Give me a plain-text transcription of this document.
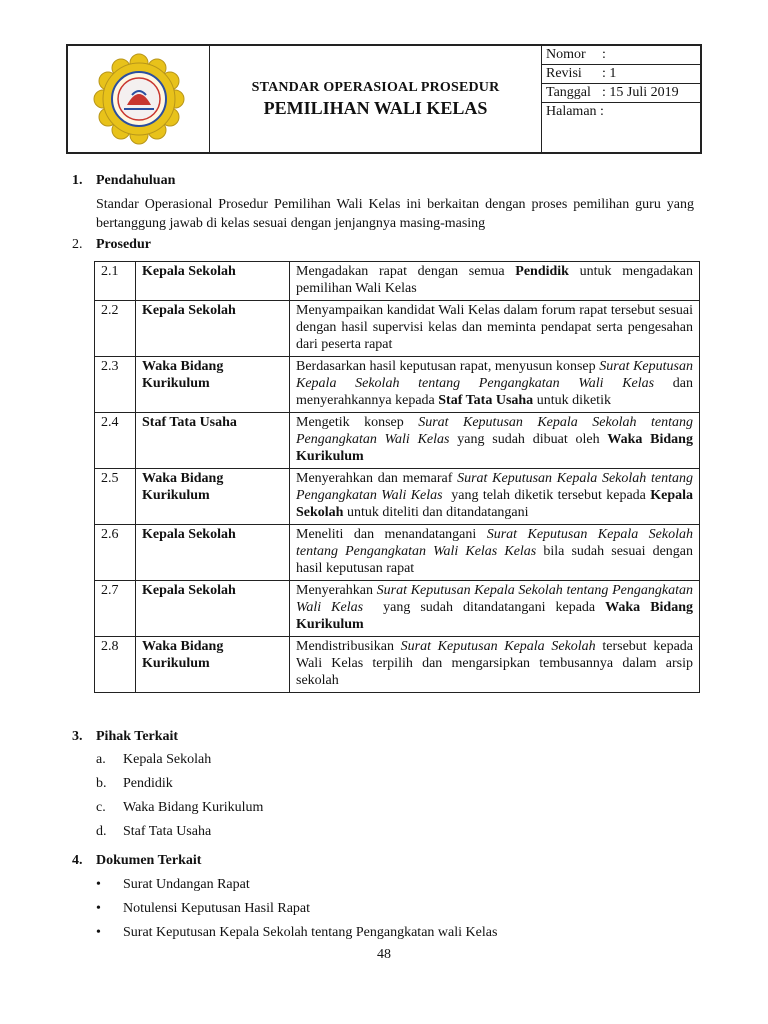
STANDAR OPERASIOAL PROSEDUR
PEMILIHAN WALI KELAS
Nomor :
Revisi : 1
Tanggal : 15 Juli 2019
Halaman :
1. Pendahuluan
Standar Operasional Prosedur Pemilihan Wali Kelas ini berkaitan dengan proses pemilihan guru yang bertanggung jawab di kelas sesuai dengan jenjangnya masing-masing
2. Prosedur
2.1	Kepala Sekolah	Mengadakan rapat dengan semua Pendidik untuk mengadakan pemilihan Wali Kelas
2.2	Kepala Sekolah	Menyampaikan kandidat Wali Kelas dalam forum rapat tersebut sesuai dengan hasil supervisi kelas dan meminta pendapat serta pengesahan dari peserta rapat
2.3	Waka Bidang Kurikulum	Berdasarkan hasil keputusan rapat, menyusun konsep Surat Keputusan Kepala Sekolah tentang Pengangkatan Wali Kelas dan menyerahkannya kepada Staf Tata Usaha untuk diketik
2.4	Staf Tata Usaha	Mengetik konsep Surat Keputusan Kepala Sekolah tentang Pengangkatan Wali Kelas yang sudah dibuat oleh Waka Bidang Kurikulum
2.5	Waka Bidang Kurikulum	Menyerahkan dan memaraf Surat Keputusan Kepala Sekolah tentang Pengangkatan Wali Kelas  yang telah diketik tersebut kepada Kepala Sekolah untuk diteliti dan ditandatangani
2.6	Kepala Sekolah	Meneliti dan menandatangani Surat Keputusan Kepala Sekolah tentang Pengangkatan Wali Kelas Kelas bila sudah sesuai dengan hasil keputusan rapat
2.7	Kepala Sekolah	Menyerahkan Surat Keputusan Kepala Sekolah tentang Pengangkatan Wali Kelas  yang sudah ditandatangani kepada Waka Bidang Kurikulum
2.8	Waka Bidang Kurikulum	Mendistribusikan Surat Keputusan Kepala Sekolah tersebut kepada Wali Kelas terpilih dan mengarsipkan tembusannya dalam arsip sekolah
3. Pihak Terkait
a. Kepala Sekolah
b. Pendidik
c. Waka Bidang Kurikulum
d. Staf Tata Usaha
4. Dokumen Terkait
• Surat Undangan Rapat
• Notulensi Keputusan Hasil Rapat
• Surat Keputusan Kepala Sekolah tentang Pengangkatan wali Kelas
48
